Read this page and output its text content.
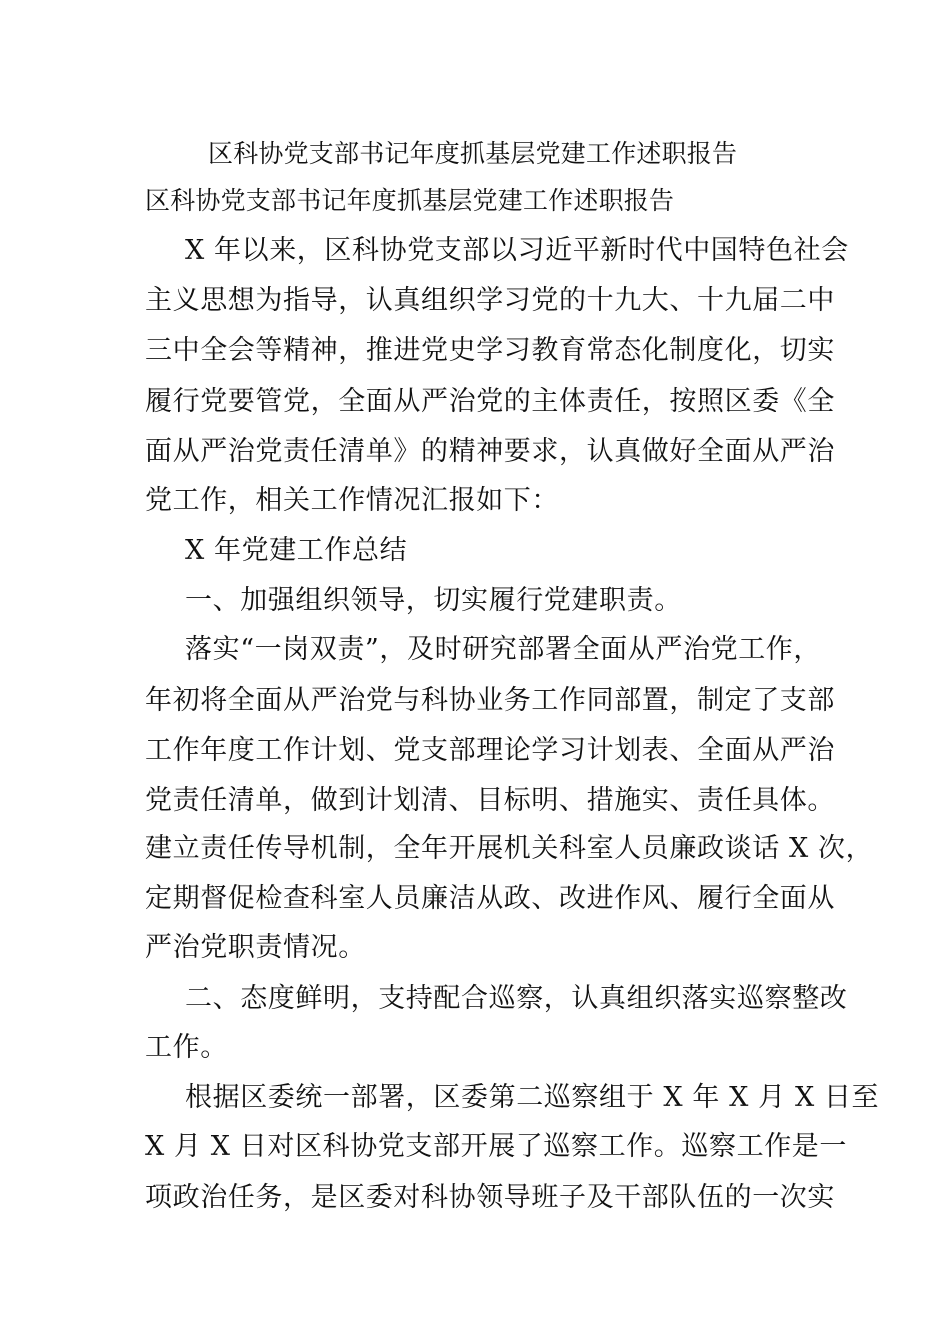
区科协党支部书记年度抓基层党建工作述职报告
区科协党支部书记年度抓基层党建工作述职报告
X 年以来，区科协党支部以习近平新时代中国特色社会
主义思想为指导，认真组织学习党的十九大、十九届二中
三中全会等精神，推进党史学习教育常态化制度化，切实
履行党要管党，全面从严治党的主体责任，按照区委《全
面从严治党责任清单》的精神要求，认真做好全面从严治
党工作，相关工作情况汇报如下：
X 年党建工作总结
一、加强组织领导，切实履行党建职责。
落实“一岗双责”，及时研究部署全面从严治党工作，
年初将全面从严治党与科协业务工作同部置，制定了支部
工作年度工作计划、党支部理论学习计划表、全面从严治
党责任清单，做到计划清、目标明、措施实、责任具体。
建立责任传导机制，全年开展机关科室人员廉政谈话 X 次，
定期督促检查科室人员廉洁从政、改进作风、履行全面从
严治党职责情况。
二、态度鲜明，支持配合巡察，认真组织落实巡察整改
工作。
根据区委统一部署，区委第二巡察组于 X 年 X 月 X 日至
X 月 X 日对区科协党支部开展了巡察工作。巡察工作是一
项政治任务，是区委对科协领导班子及干部队伍的一次实
